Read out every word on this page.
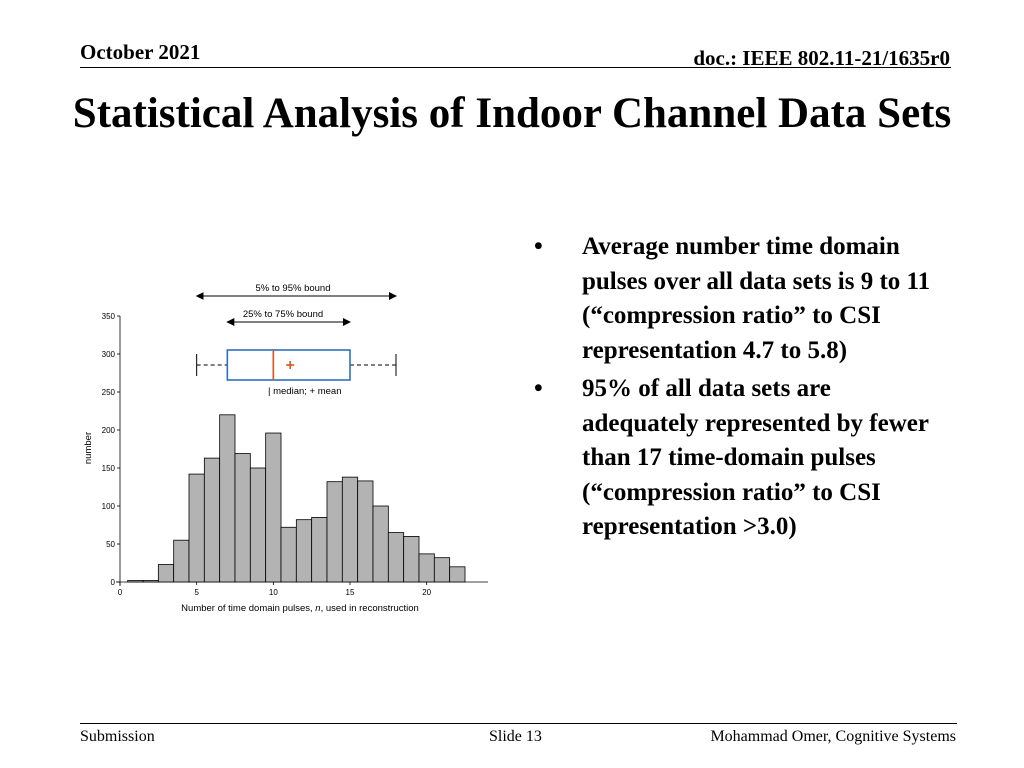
October 2021	doc.: IEEE 802.11-21/1635r0
Statistical Analysis of Indoor Channel Data Sets
0
50
100
150
200
250
300
350
0	5	10	15	20
5% to 95% bound
25% to 75% bound
| median; + mean
number
Number of time domain pulses, n, used in reconstruction
• Average number time domain pulses over all data sets is 9 to 11 (“compression ratio” to CSI representation 4.7 to 5.8)
• 95% of all data sets are adequately represented by fewer than 17 time-domain pulses (“compression ratio” to CSI representation >3.0)
Submission	Slide 13	Mohammad Omer, Cognitive Systems
